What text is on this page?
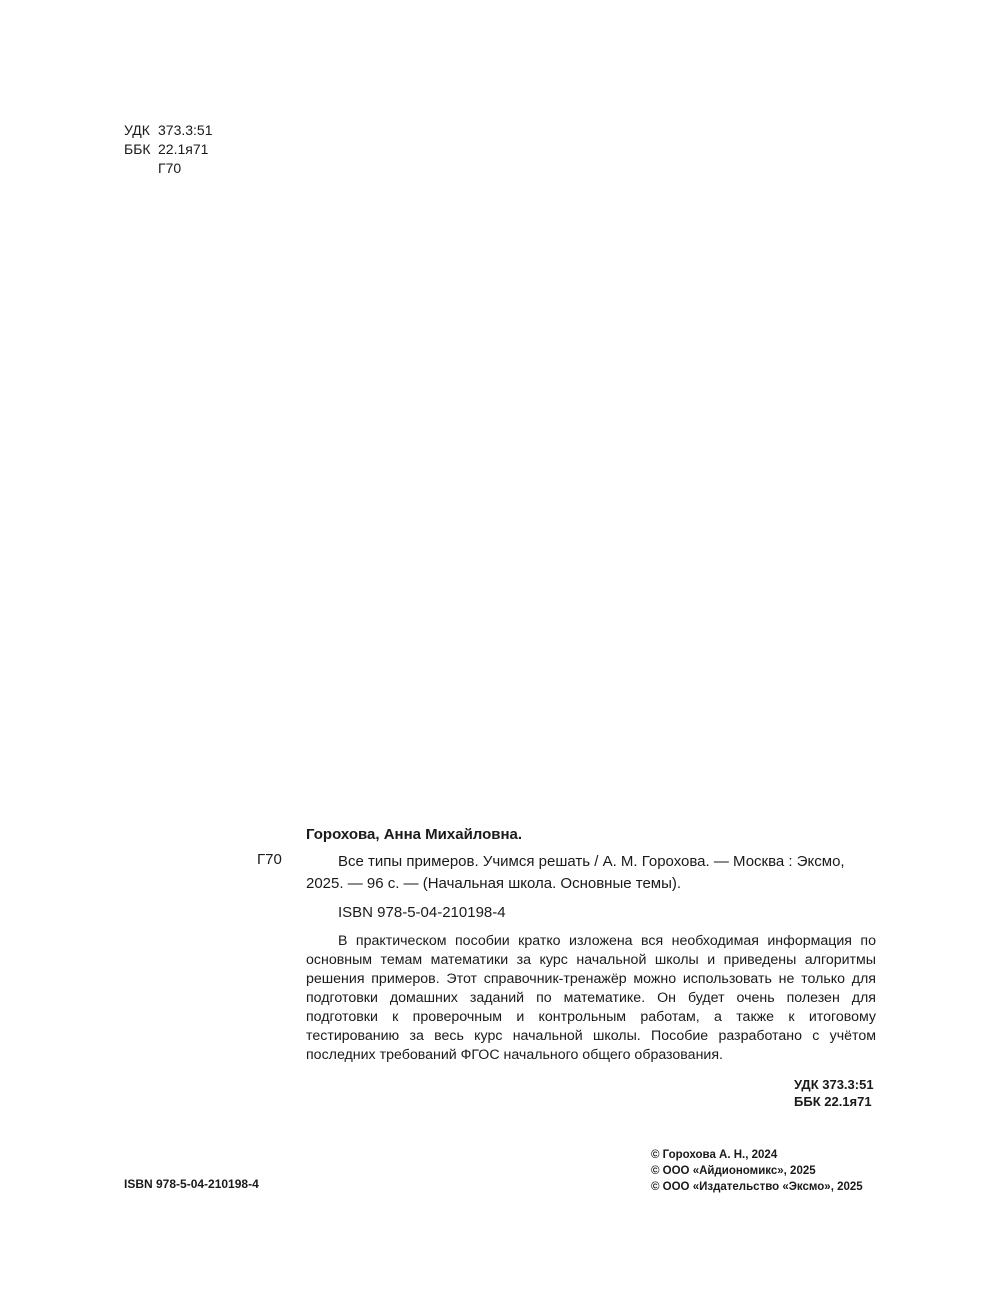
УДК 373.3:51
ББК 22.1я71
Г70
Горохова, Анна Михайловна.
Г70	Все типы примеров. Учимся решать / А. М. Горохова. — Москва : Эксмо, 2025. — 96 с. — (Начальная школа. Основные темы).
ISBN 978-5-04-210198-4
В практическом пособии кратко изложена вся необходимая информация по основным темам математики за курс начальной школы и приведены алгоритмы решения примеров. Этот справочник-тренажёр можно использовать не только для подготовки домашних заданий по математике. Он будет очень полезен для подготовки к проверочным и контрольным работам, а также к итоговому тестированию за весь курс начальной школы. Пособие разработано с учётом последних требований ФГОС начального общего образования.
УДК 373.3:51
ББК 22.1я71
ISBN 978-5-04-210198-4
© Горохова А. Н., 2024
© ООО «Айдиономикс», 2025
© ООО «Издательство «Эксмо», 2025
